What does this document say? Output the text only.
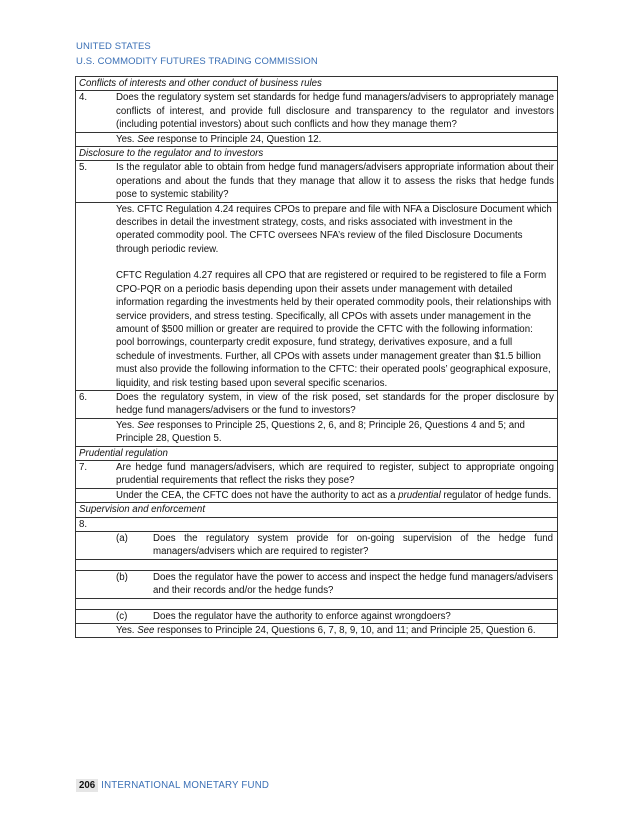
UNITED STATES
U.S. COMMODITY FUTURES TRADING COMMISSION
Conflicts of interests and other conduct of business rules
4.	Does the regulatory system set standards for hedge fund managers/advisers to appropriately manage conflicts of interest, and provide full disclosure and transparency to the regulator and investors (including potential investors) about such conflicts and how they manage them?
Yes. See response to Principle 24, Question 12.
Disclosure to the regulator and to investors
5.	Is the regulator able to obtain from hedge fund managers/advisers appropriate information about their operations and about the funds that they manage that allow it to assess the risks that hedge funds pose to systemic stability?

Yes. CFTC Regulation 4.24 requires CPOs to prepare and file with NFA a Disclosure Document which describes in detail the investment strategy, costs, and risks associated with investment in the operated commodity pool. The CFTC oversees NFA’s review of the filed Disclosure Documents through periodic review.

CFTC Regulation 4.27 requires all CPO that are registered or required to be registered to file a Form CPO-PQR on a periodic basis depending upon their assets under management with detailed information regarding the investments held by their operated commodity pools, their relationships with service providers, and stress testing. Specifically, all CPOs with assets under management in the amount of $500 million or greater are required to provide the CFTC with the following information: pool borrowings, counterparty credit exposure, fund strategy, derivatives exposure, and a full schedule of investments. Further, all CPOs with assets under management greater than $1.5 billion must also provide the following information to the CFTC: their operated pools’ geographical exposure, liquidity, and risk testing based upon several specific scenarios.

6.	Does the regulatory system, in view of the risk posed, set standards for the proper disclosure by hedge fund managers/advisers or the fund to investors?
Yes. See responses to Principle 25, Questions 2, 6, and 8; Principle 26, Questions 4 and 5; and Principle 28, Question 5.
Prudential regulation
7.	Are hedge fund managers/advisers, which are required to register, subject to appropriate ongoing prudential requirements that reflect the risks they pose?
Under the CEA, the CFTC does not have the authority to act as a prudential regulator of hedge funds.
Supervision and enforcement
8.
(a)	Does the regulatory system provide for on-going supervision of the hedge fund managers/advisers which are required to register?
(b)	Does the regulator have the power to access and inspect the hedge fund managers/advisers and their records and/or the hedge funds?
(c)	Does the regulator have the authority to enforce against wrongdoers?
Yes. See responses to Principle 24, Questions 6, 7, 8, 9, 10, and 11; and Principle 25, Question 6.
206 INTERNATIONAL MONETARY FUND
